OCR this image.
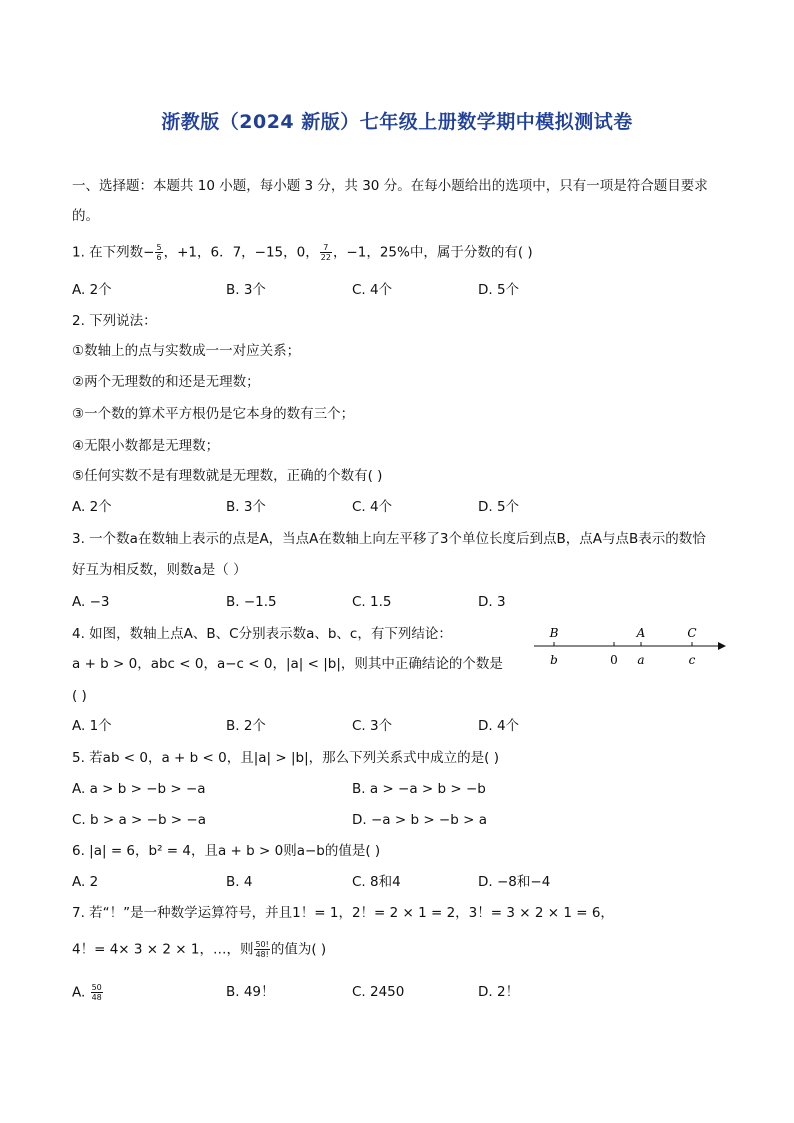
浙教版（2024 新版）七年级上册数学期中模拟测试卷
一、选择题：本题共 10 小题，每小题 3 分，共 30 分。在每小题给出的选项中，只有一项是符合题目要求
的。
1. 在下列数− $\frac{5}{6}$ ，+1，6．7，−15，0， $\frac{7}{22}$ ，−1，25%中，属于分数的有( )
A. 2个	B. 3个	C. 4个	D. 5个
2. 下列说法：
①数轴上的点与实数成一一对应关系；
②两个无理数的和还是无理数；
③一个数的算术平方根仍是它本身的数有三个；
④无限小数都是无理数；
⑤任何实数不是有理数就是无理数，正确的个数有( )
A. 2个	B. 3个	C. 4个	D. 5个
3. 一个数a在数轴上表示的点是A，当点A在数轴上向左平移了3个单位长度后到点B，点A与点B表示的数恰
好互为相反数，则数a是（ ）
A. −3	B. −1.5	C. 1.5	D. 3
4. 如图，数轴上点A、B、C分别表示数a、b、c，有下列结论：
a + b > 0，abc < 0，a−c < 0，|a| < |b|，则其中正确结论的个数是
( )
B	A	C
b	0 a	c
A. 1个	B. 2个	C. 3个	D. 4个
5. 若ab < 0，a + b < 0，且|a| > |b|，那么下列关系式中成立的是( )
A. a > b > −b > −a	B. a > −a > b > −b
C. b > a > −b > −a	D. −a > b > −b > a
6. |a| = 6，b² = 4，且a + b > 0则a−b的值是( )
A. 2	B. 4	C. 8和4	D. −8和−4
7. 若“！”是一种数学运算符号，并且1！= 1，2！= 2 × 1 = 2，3！= 3 × 2 × 1 = 6，
4！= 4× 3 × 2 × 1，…，则 $\frac{50!}{48!}$ 的值为( )
A. $\frac{50}{48}$	B. 49！	C. 2450	D. 2！
